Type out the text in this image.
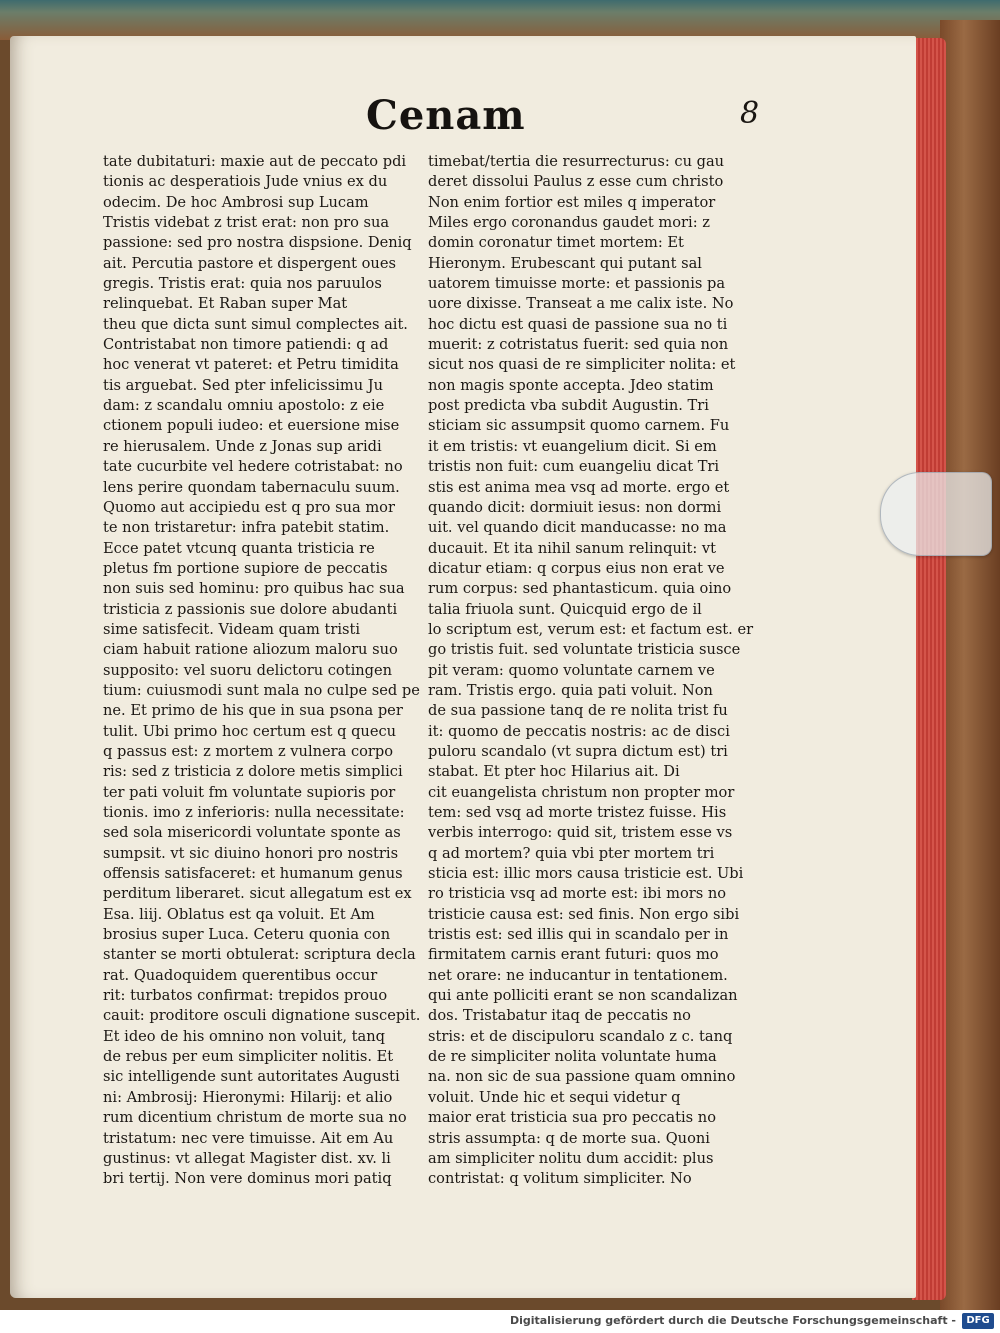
Cenam	8
tate dubitaturi: maxie aut de peccato pdi
tionis ac desperatiois Jude vnius ex du
odecim. De hoc Ambrosi sup Lucam
Tristis videbat z trist erat: non pro sua
passione: sed pro nostra dispsione. Deniq
ait. Percutia pastore et dispergent oues
gregis. Tristis erat: quia nos paruulos
relinquebat. Et Raban super Mat
theu que dicta sunt simul complectes ait.
Contristabat non timore patiendi: q ad
hoc venerat vt pateret: et Petru timidita
tis arguebat. Sed pter infelicissimu Ju
dam: z scandalu omniu apostolo: z eie
ctionem populi iudeo: et euersione mise
re hierusalem. Unde z Jonas sup aridi
tate cucurbite vel hedere cotristabat: no
lens perire quondam tabernaculu suum.
Quomo aut accipiedu est q pro sua mor
te non tristaretur: infra patebit statim.
Ecce patet vtcunq quanta tristicia re
pletus fm portione supiore de peccatis
non suis sed hominu: pro quibus hac sua
tristicia z passionis sue dolore abudanti
sime satisfecit. Videam quam tristi
ciam habuit ratione aliozum maloru suo
supposito: vel suoru delictoru cotingen
tium: cuiusmodi sunt mala no culpe sed pe
ne. Et primo de his que in sua psona per
tulit. Ubi primo hoc certum est q quecu
q passus est: z mortem z vulnera corpo
ris: sed z tristicia z dolore metis simplici
ter pati voluit fm voluntate supioris por
tionis. imo z inferioris: nulla necessitate:
sed sola misericordi voluntate sponte as
sumpsit. vt sic diuino honori pro nostris
offensis satisfaceret: et humanum genus
perditum liberaret. sicut allegatum est ex
Esa. liij. Oblatus est qa voluit. Et Am
brosius super Luca. Ceteru quonia con
stanter se morti obtulerat: scriptura decla
rat. Quadoquidem querentibus occur
rit: turbatos confirmat: trepidos prouo
cauit: proditore osculi dignatione suscepit.
Et ideo de his omnino non voluit, tanq
de rebus per eum simpliciter nolitis. Et
sic intelligende sunt autoritates Augusti
ni: Ambrosij: Hieronymi: Hilarij: et alio
rum dicentium christum de morte sua no
tristatum: nec vere timuisse. Ait em Au
gustinus: vt allegat Magister dist. xv. li
bri tertij. Non vere dominus mori patiq
timebat/tertia die resurrecturus: cu gau
deret dissolui Paulus z esse cum christo
Non enim fortior est miles q imperator
Miles ergo coronandus gaudet mori: z
domin coronatur timet mortem: Et
Hieronym. Erubescant qui putant sal
uatorem timuisse morte: et passionis pa
uore dixisse. Transeat a me calix iste. No
hoc dictu est quasi de passione sua no ti
muerit: z cotristatus fuerit: sed quia non
sicut nos quasi de re simpliciter nolita: et
non magis sponte accepta. Jdeo statim
post predicta vba subdit Augustin. Tri
sticiam sic assumpsit quomo carnem. Fu
it em tristis: vt euangelium dicit. Si em
tristis non fuit: cum euangeliu dicat Tri
stis est anima mea vsq ad morte. ergo et
quando dicit: dormiuit iesus: non dormi
uit. vel quando dicit manducasse: no ma
ducauit. Et ita nihil sanum relinquit: vt
dicatur etiam: q corpus eius non erat ve
rum corpus: sed phantasticum. quia oino
talia friuola sunt. Quicquid ergo de il
lo scriptum est, verum est: et factum est. er
go tristis fuit. sed voluntate tristicia susce
pit veram: quomo voluntate carnem ve
ram. Tristis ergo. quia pati voluit. Non
de sua passione tanq de re nolita trist fu
it: quomo de peccatis nostris: ac de disci
puloru scandalo (vt supra dictum est) tri
stabat. Et pter hoc Hilarius ait. Di
cit euangelista christum non propter mor
tem: sed vsq ad morte tristez fuisse. His
verbis interrogo: quid sit, tristem esse vs
q ad mortem? quia vbi pter mortem tri
sticia est: illic mors causa tristicie est. Ubi
ro tristicia vsq ad morte est: ibi mors no
tristicie causa est: sed finis. Non ergo sibi
tristis est: sed illis qui in scandalo per in
firmitatem carnis erant futuri: quos mo
net orare: ne inducantur in tentationem.
qui ante polliciti erant se non scandalizan
dos. Tristabatur itaq de peccatis no
stris: et de discipuloru scandalo z c. tanq
de re simpliciter nolita voluntate huma
na. non sic de sua passione quam omnino
voluit. Unde hic et sequi videtur q
maior erat tristicia sua pro peccatis no
stris assumpta: q de morte sua. Quoni
am simpliciter nolitu dum accidit: plus
contristat: q volitum simpliciter. No
Digitalisierung gefördert durch die Deutsche Forschungsgemeinschaft -	DFG
